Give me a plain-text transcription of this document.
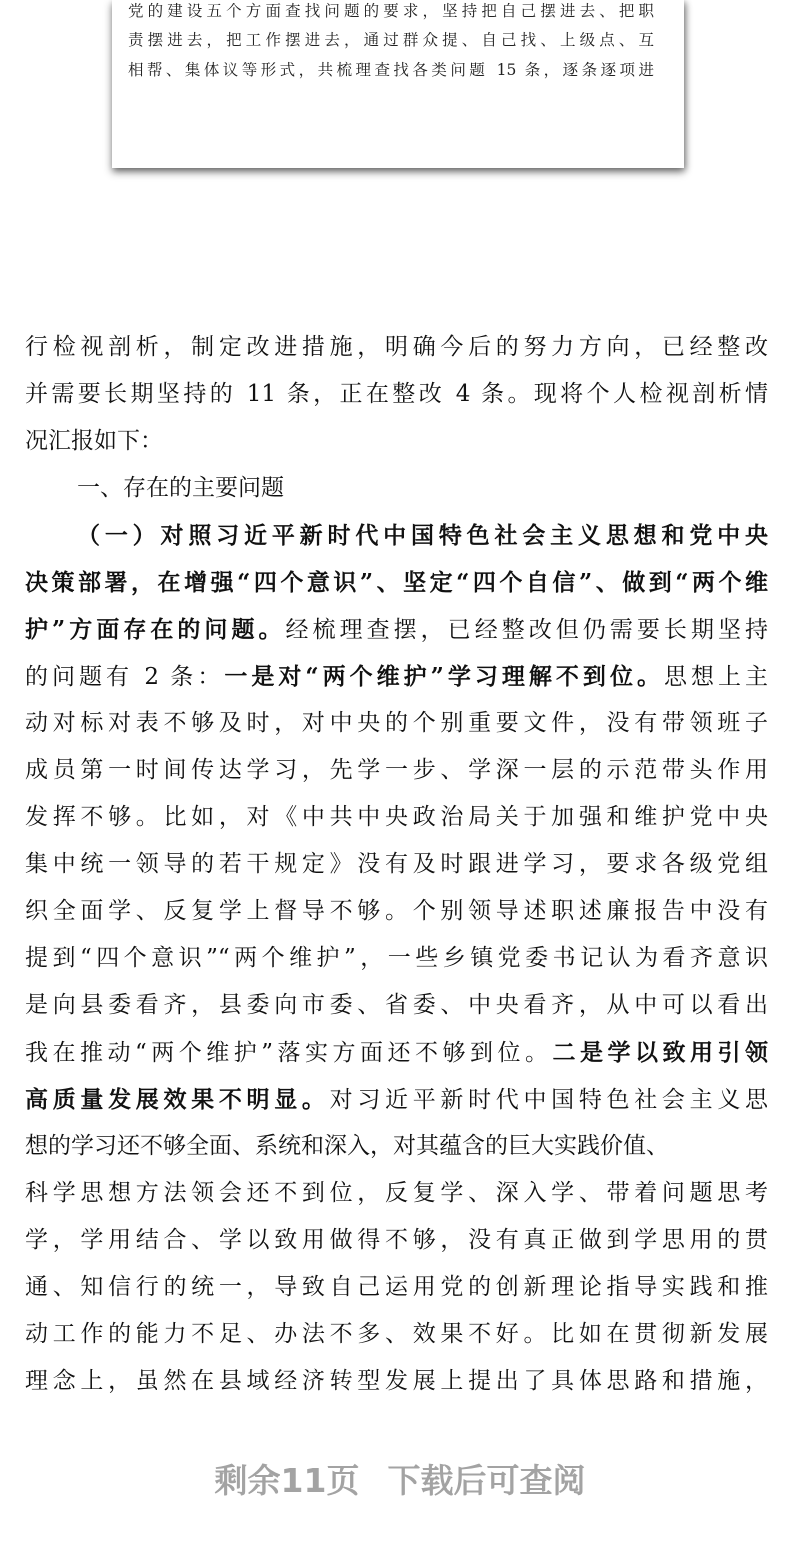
党的建设五个方面查找问题的要求，坚持把自己摆进去、把职
责摆进去，把工作摆进去，通过群众提、自己找、上级点、互
相帮、集体议等形式，共梳理查找各类问题 15 条，逐条逐项进
行检视剖析，制定改进措施，明确今后的努力方向，已经整改
并需要长期坚持的 11 条，正在整改 4 条。现将个人检视剖析情
况汇报如下：
一、存在的主要问题
（一）对照习近平新时代中国特色社会主义思想和党中央
决策部署，在增强“四个意识”、坚定“四个自信”、做到“两个维
护”方面存在的问题。经梳理查摆，已经整改但仍需要长期坚持
的问题有 2 条：一是对“两个维护”学习理解不到位。思想上主
动对标对表不够及时，对中央的个别重要文件，没有带领班子
成员第一时间传达学习，先学一步、学深一层的示范带头作用
发挥不够。比如，对《中共中央政治局关于加强和维护党中央
集中统一领导的若干规定》没有及时跟进学习，要求各级党组
织全面学、反复学上督导不够。个别领导述职述廉报告中没有
提到“四个意识”“两个维护”，一些乡镇党委书记认为看齐意识
是向县委看齐，县委向市委、省委、中央看齐，从中可以看出
我在推动“两个维护”落实方面还不够到位。二是学以致用引领
高质量发展效果不明显。对习近平新时代中国特色社会主义思
想的学习还不够全面、系统和深入，对其蕴含的巨大实践价值、
科学思想方法领会还不到位，反复学、深入学、带着问题思考
学，学用结合、学以致用做得不够，没有真正做到学思用的贯
通、知信行的统一，导致自己运用党的创新理论指导实践和推
动工作的能力不足、办法不多、效果不好。比如在贯彻新发展
理念上，虽然在县域经济转型发展上提出了具体思路和措施，
剩余11页 下载后可查阅
